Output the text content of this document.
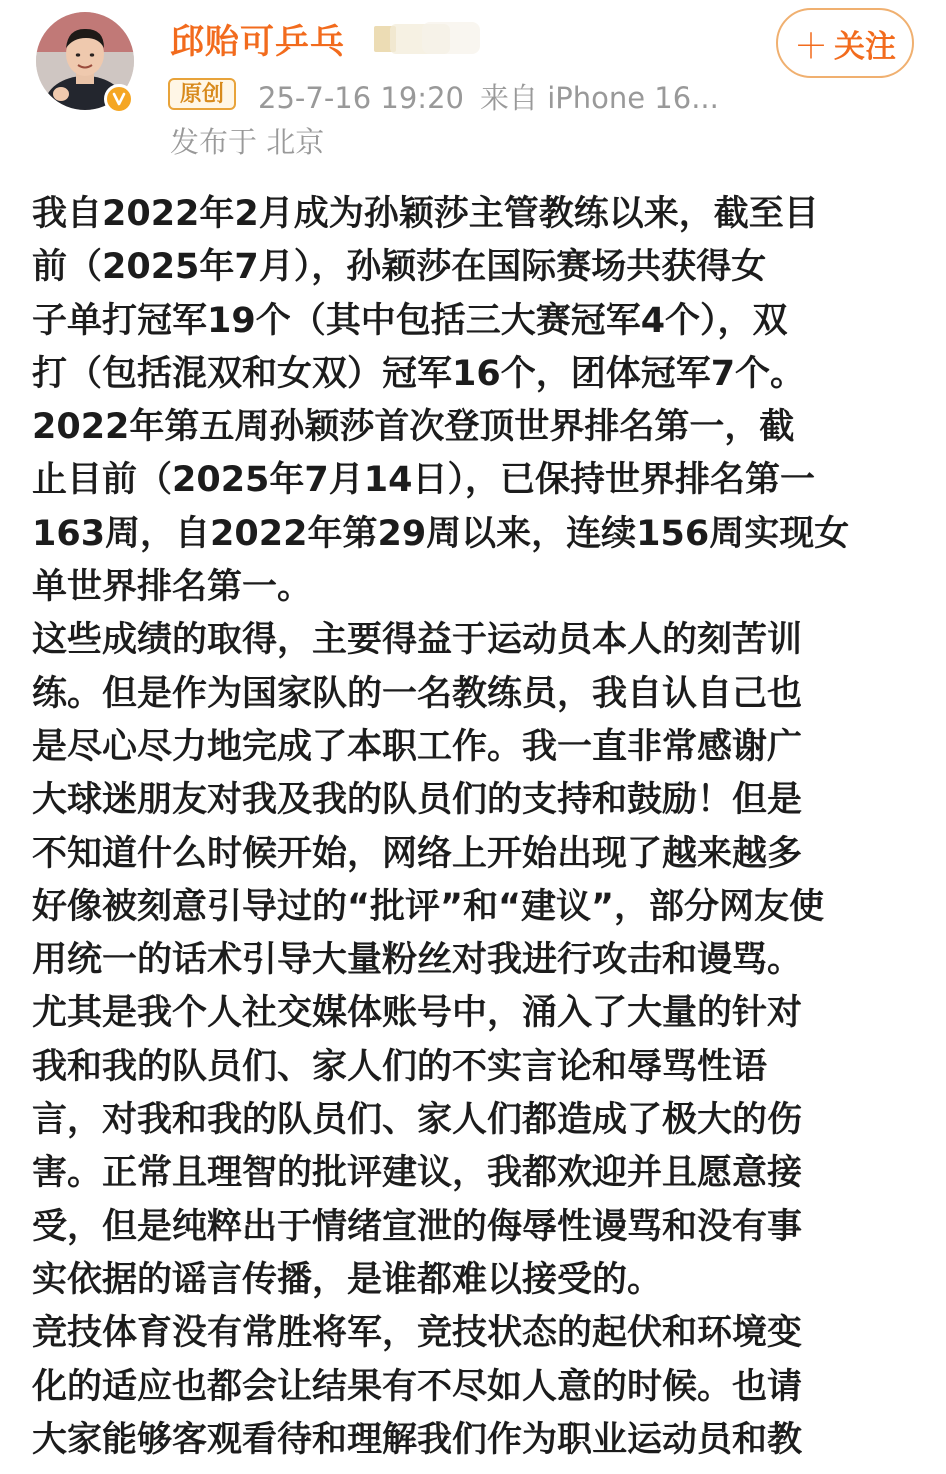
邱贻可乒乓
原创	25-7-16 19:20 来自 iPhone 16...
发布于 北京
＋ 关注
我自2022年2月成为孙颖莎主管教练以来，截至目
前（2025年7月），孙颖莎在国际赛场共获得女
子单打冠军19个（其中包括三大赛冠军4个），双
打（包括混双和女双）冠军16个，团体冠军7个。
2022年第五周孙颖莎首次登顶世界排名第一，截
止目前（2025年7月14日），已保持世界排名第一
163周，自2022年第29周以来，连续156周实现女
单世界排名第一。
这些成绩的取得，主要得益于运动员本人的刻苦训
练。但是作为国家队的一名教练员，我自认自己也
是尽心尽力地完成了本职工作。我一直非常感谢广
大球迷朋友对我及我的队员们的支持和鼓励！但是
不知道什么时候开始，网络上开始出现了越来越多
好像被刻意引导过的“批评”和“建议”，部分网友使
用统一的话术引导大量粉丝对我进行攻击和谩骂。
尤其是我个人社交媒体账号中，涌入了大量的针对
我和我的队员们、家人们的不实言论和辱骂性语
言，对我和我的队员们、家人们都造成了极大的伤
害。正常且理智的批评建议，我都欢迎并且愿意接
受，但是纯粹出于情绪宣泄的侮辱性谩骂和没有事
实依据的谣言传播，是谁都难以接受的。
竞技体育没有常胜将军，竞技状态的起伏和环境变
化的适应也都会让结果有不尽如人意的时候。也请
大家能够客观看待和理解我们作为职业运动员和教
